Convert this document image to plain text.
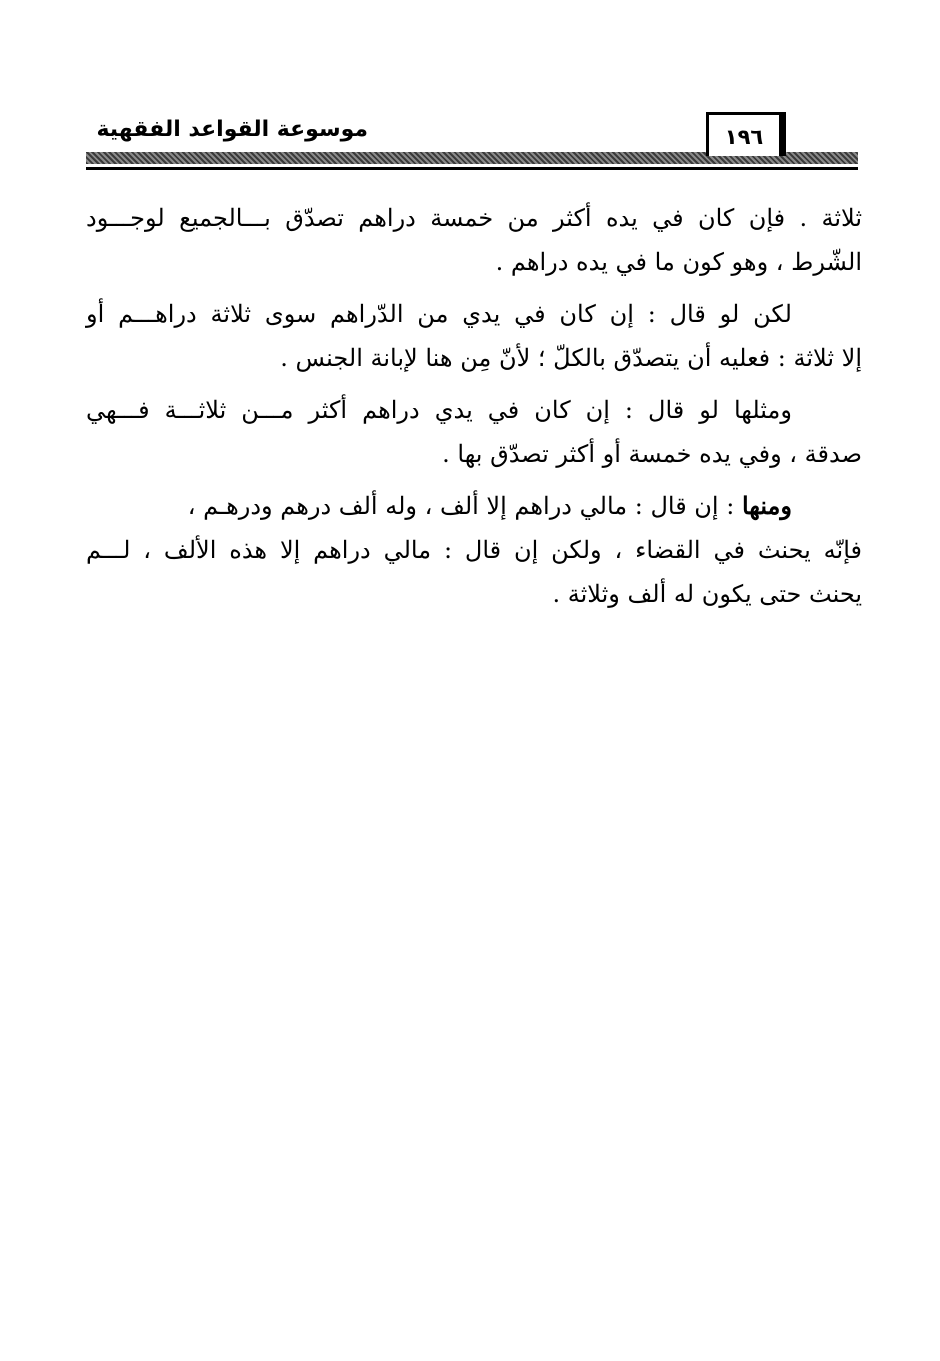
موسوعة القواعد الفقهية	١٩٦
ثلاثة . فإن كان في يده أكثر من خمسة دراهم تصدّق بـــالجميع لوجـــود
الشّرط ، وهو كون ما في يده دراهم .
لكن لو قال : إن كان في يدي من الدّراهم سوى ثلاثة دراهـــم أو
إلا ثلاثة : فعليه أن يتصدّق بالكلّ ؛ لأنّ مِن هنا لإبانة الجنس .
ومثلها لو قال : إن كان في يدي دراهم أكثر مـــن ثلاثـــة فـــهي
صدقة ، وفي يده خمسة أو أكثر تصدّق بها .
ومنها : إن قال : مالي دراهم إلا ألف ، وله ألف درهم ودرهـم ،
فإنّه يحنث في القضاء ، ولكن إن قال : مالي دراهم إلا هذه الألف ، لـــم
يحنث حتى يكون له ألف وثلاثة .
